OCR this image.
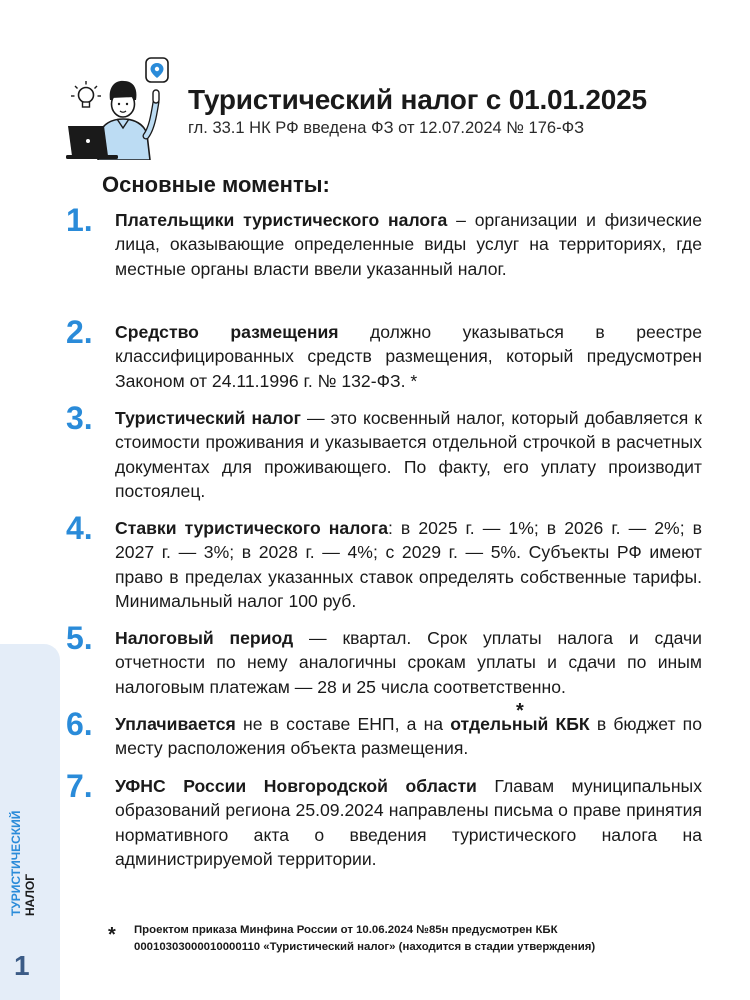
Туристический налог с 01.01.2025
гл. 33.1 НК РФ введена ФЗ от 12.07.2024 № 176-ФЗ
Основные моменты:
1. Плательщики туристического налога – организации и физические лица, оказывающие определенные виды услуг на территориях, где местные органы власти ввели указанный налог.
2. Средство размещения должно указываться в реестре классифицированных средств размещения, который предусмотрен Законом от 24.11.1996 г. № 132-ФЗ. *
3. Туристический налог — это косвенный налог, который добавляется к стоимости проживания и указывается отдельной строчкой в расчетных документах для проживающего. По факту, его уплату производит постоялец.
4. Ставки туристического налога: в 2025 г. — 1%; в 2026 г. — 2%; в 2027 г. — 3%; в 2028 г. — 4%; с 2029 г. — 5%. Субъекты РФ имеют право в пределах указанных ставок определять собственные тарифы. Минимальный налог 100 руб.
5. Налоговый период — квартал. Срок уплаты налога и сдачи отчетности по нему аналогичны срокам уплаты и сдачи по иным налоговым платежам — 28 и 25 числа соответственно.
6. Уплачивается не в составе ЕНП, а на * отдельный КБК в бюджет по месту расположения объекта размещения.
7. УФНС России Новгородской области Главам муниципальных образований региона 25.09.2024 направлены письма о праве принятия нормативного акта о введения туристического налога на администрируемой территории.
* Проектом приказа Минфина России от 10.06.2024 №85н предусмотрен КБК 00010303000010000110 «Туристический налог» (находится в стадии утверждения)
ТУРИСТИЧЕСКИЙ НАЛОГ
1
